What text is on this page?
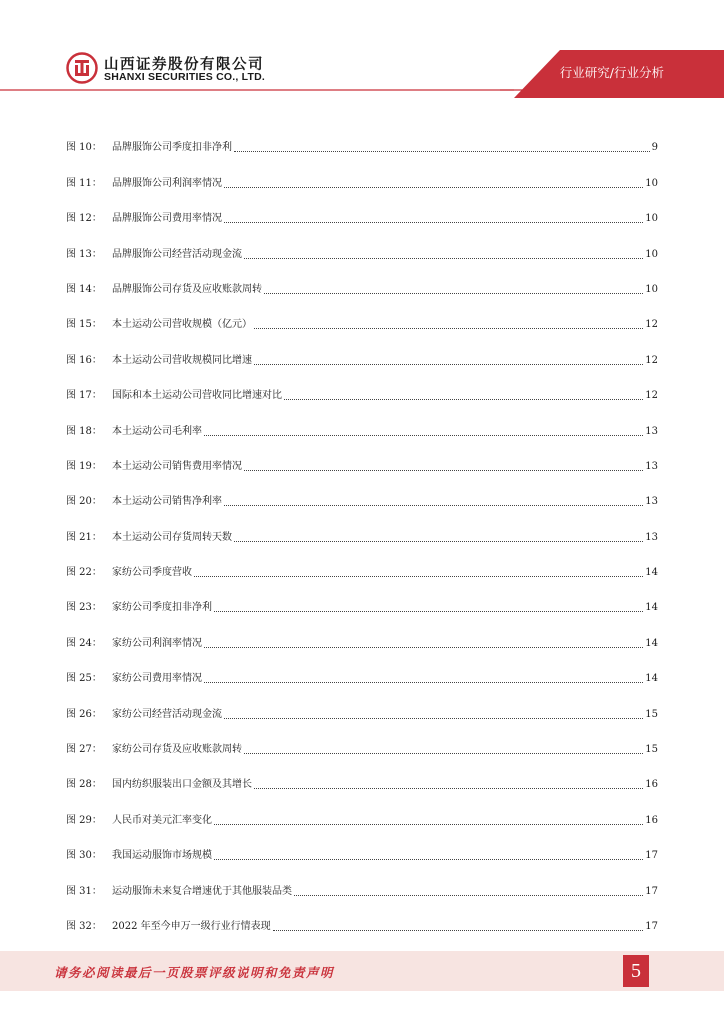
山西证券股份有限公司
SHANXI SECURITIES CO., LTD.	行业研究/行业分析
图 10：	品牌服饰公司季度扣非净利	9
图 11：	品牌服饰公司利润率情况	10
图 12：	品牌服饰公司费用率情况	10
图 13：	品牌服饰公司经营活动现金流	10
图 14：	品牌服饰公司存货及应收账款周转	10
图 15：	本土运动公司营收规模（亿元）	12
图 16：	本土运动公司营收规模同比增速	12
图 17：	国际和本土运动公司营收同比增速对比	12
图 18：	本土运动公司毛利率	13
图 19：	本土运动公司销售费用率情况	13
图 20：	本土运动公司销售净利率	13
图 21：	本土运动公司存货周转天数	13
图 22：	家纺公司季度营收	14
图 23：	家纺公司季度扣非净利	14
图 24：	家纺公司利润率情况	14
图 25：	家纺公司费用率情况	14
图 26：	家纺公司经营活动现金流	15
图 27：	家纺公司存货及应收账款周转	15
图 28：	国内纺织服装出口金额及其增长	16
图 29：	人民币对美元汇率变化	16
图 30：	我国运动服饰市场规模	17
图 31：	运动服饰未来复合增速优于其他服装品类	17
图 32：	2022 年至今申万一级行业行情表现	17
请务必阅读最后一页股票评级说明和免责声明	5
